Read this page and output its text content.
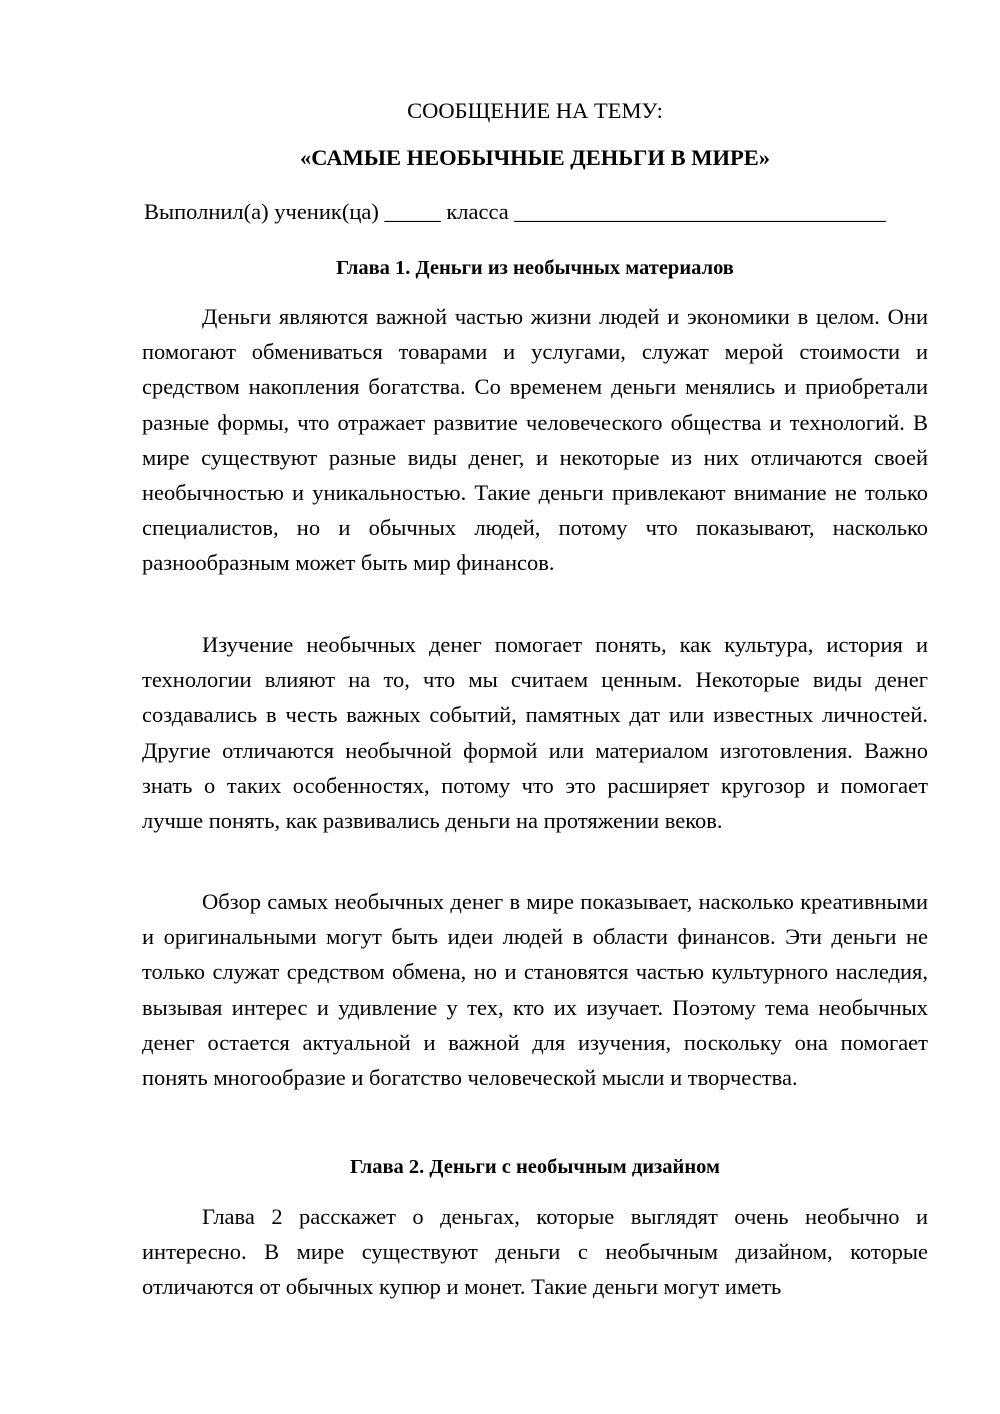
СООБЩЕНИЕ НА ТЕМУ:

«САМЫЕ НЕОБЫЧНЫЕ ДЕНЬГИ В МИРЕ»

Выполнил(а) ученик(ца) _____ класса _________________________________
Глава 1. Деньги из необычных материалов

Деньги являются важной частью жизни людей и экономики в целом. Они помогают обмениваться товарами и услугами, служат мерой стоимости и средством накопления богатства. Со временем деньги менялись и приобретали разные формы, что отражает развитие человеческого общества и технологий. В мире существуют разные виды денег, и некоторые из них отличаются своей необычностью и уникальностью. Такие деньги привлекают внимание не только специалистов, но и обычных людей, потому что показывают, насколько разнообразным может быть мир финансов.

Изучение необычных денег помогает понять, как культура, история и технологии влияют на то, что мы считаем ценным. Некоторые виды денег создавались в честь важных событий, памятных дат или известных личностей. Другие отличаются необычной формой или материалом изготовления. Важно знать о таких особенностях, потому что это расширяет кругозор и помогает лучше понять, как развивались деньги на протяжении веков.

Обзор самых необычных денег в мире показывает, насколько креативными и оригинальными могут быть идеи людей в области финансов. Эти деньги не только служат средством обмена, но и становятся частью культурного наследия, вызывая интерес и удивление у тех, кто их изучает. Поэтому тема необычных денег остается актуальной и важной для изучения, поскольку она помогает понять многообразие и богатство человеческой мысли и творчества.

Глава 2. Деньги с необычным дизайном

Глава 2 расскажет о деньгах, которые выглядят очень необычно и интересно. В мире существуют деньги с необычным дизайном, которые отличаются от обычных купюр и монет. Такие деньги могут иметь
